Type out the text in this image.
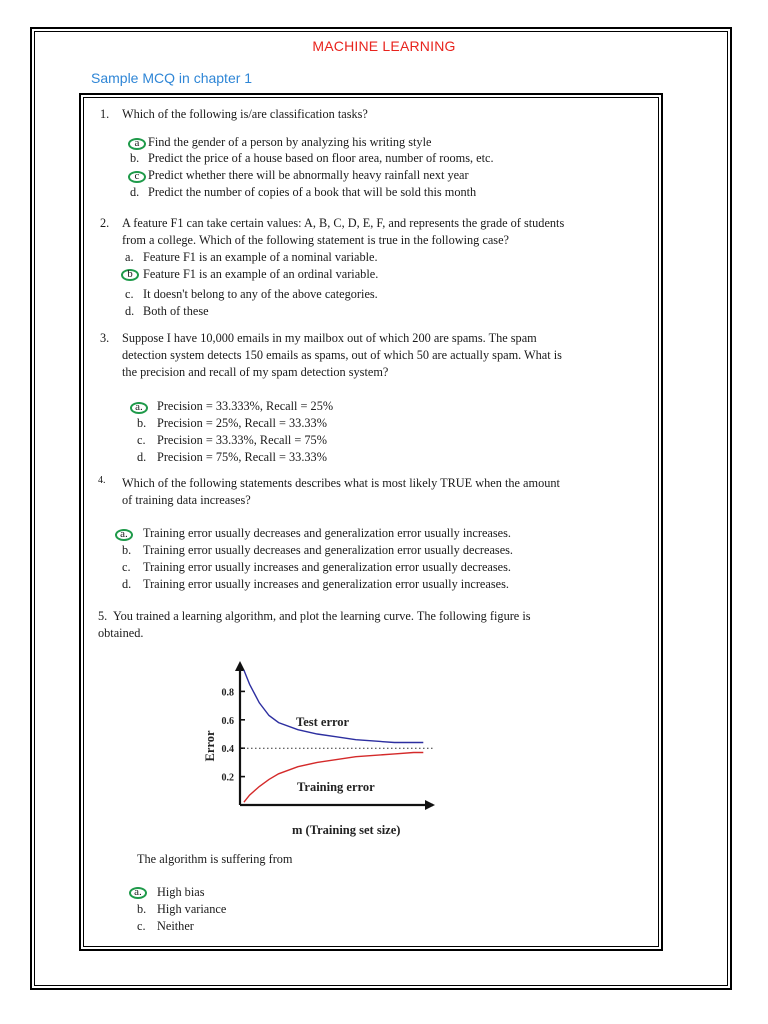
MACHINE LEARNING
Sample MCQ in chapter 1
1. Which of the following is/are classification tasks?
a Find the gender of a person by analyzing his writing style
b. Predict the price of a house based on floor area, number of rooms, etc.
c Predict whether there will be abnormally heavy rainfall next year
d. Predict the number of copies of a book that will be sold this month
2. A feature F1 can take certain values: A, B, C, D, E, F, and represents the grade of students
from a college. Which of the following statement is true in the following case?
a. Feature F1 is an example of a nominal variable.
b Feature F1 is an example of an ordinal variable.
c. It doesn't belong to any of the above categories.
d. Both of these
3. Suppose I have 10,000 emails in my mailbox out of which 200 are spams. The spam
detection system detects 150 emails as spams, out of which 50 are actually spam. What is
the precision and recall of my spam detection system?
a.	Precision = 33.333%, Recall = 25%
b. Precision = 25%, Recall = 33.33%
c. Precision = 33.33%, Recall = 75%
d. Precision = 75%, Recall = 33.33%
4. Which of the following statements describes what is most likely TRUE when the amount
of training data increases?
a.	Training error usually decreases and generalization error usually increases.
b. Training error usually decreases and generalization error usually decreases.
c.	Training error usually increases and generalization error usually decreases.
d. Training error usually increases and generalization error usually increases.
5. You trained a learning algorithm, and plot the learning curve. The following figure is
obtained.
0.2
0.4
0.6
0.8
Test error
Training error
m (Training set size)
Error
The algorithm is suffering from
a.	High bias
b. High variance
c. Neither
